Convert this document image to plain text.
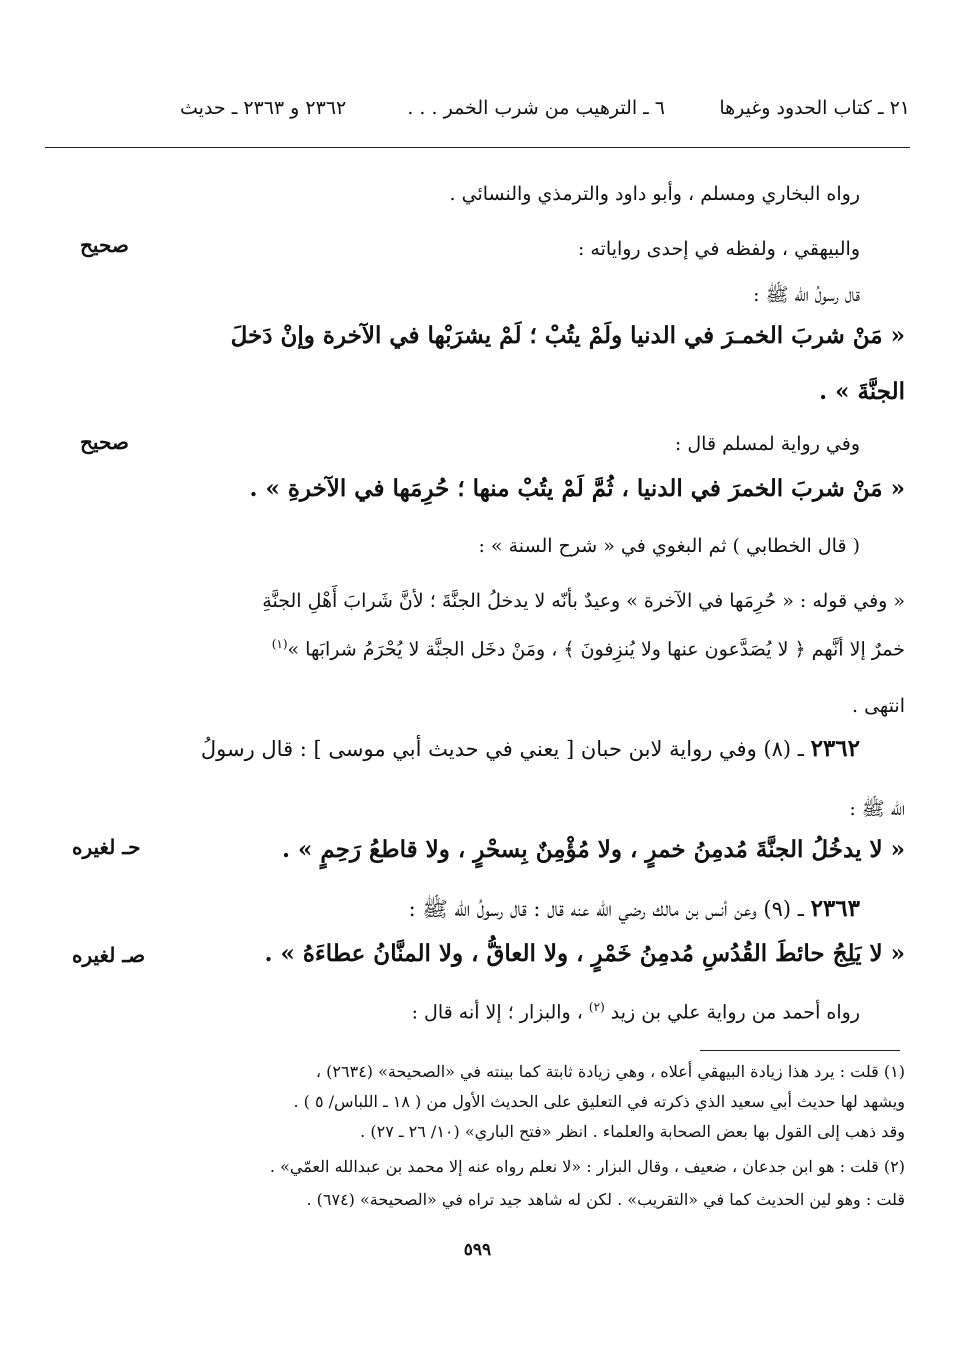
٢١ ـ كتاب الحدود وغيرها
٦ ـ الترهيب من شرب الخمر . . .
٢٣٦٢ و ٢٣٦٣ ـ حديث
رواه البخاري ومسلم ، وأبو داود والترمذي والنسائي .
والبيهقي ، ولفظه في إحدى رواياته :
قال رسولُ الله ﷺ :
« مَنْ شربَ الخمـرَ في الدنيا ولَمْ يتُبْ ؛ لَمْ يشرَبْها في الآخرة وإنْ دَخلَ
الجنَّةَ » .
وفي رواية لمسلم قال :
« مَنْ شربَ الخمرَ في الدنيا ، ثُمَّ لَمْ يتُبْ منها ؛ حُرِمَها في الآخرةِ » .
( قال الخطابي ) ثم البغوي في « شرح السنة » :
« وفي قوله : « حُرِمَها في الآخرة » وعيدٌ بأنّه لا يدخلُ الجنَّةَ ؛ لأنَّ شَرابَ أَهْلِ الجنَّةِ
خمرٌ إلا أنَّهم ﴿ لا يُصَدَّعون عنها ولا يُنزِفونَ ﴾ ، ومَنْ دخَل الجنَّة لا يُحْرَمُ شرابَها »$^{(١)}$
انتهى .
٢٣٦٢ ـ (٨) وفي رواية لابن حبان [ يعني في حديث أبي موسى ] : قال رسولُ
الله ﷺ :
« لا يدخُلُ الجنَّةَ مُدمِنُ خمرٍ ، ولا مُؤْمِنٌ بِسحْرٍ ، ولا قاطعُ رَحِمٍ » .
٢٣٦٣ ـ (٩) وعن أنس بن مالك رضي الله عنه قال : قال رسولُ الله ﷺ :
« لا يَلِجُ حائطَ القُدُسِ مُدمِنُ خَمْرٍ ، ولا العاقُّ ، ولا المنَّانُ عطاءَهُ » .
رواه أحمد من رواية علي بن زيد $^{(٢)}$ ، والبزار ؛ إلا أنه قال :
صحيح
صحيح
حـ لغيره
صـ لغيره
(١) قلت : يرد هذا زيادة البيهقي أعلاه ، وهي زيادة ثابتة كما بينته في «الصحيحة» (٢٦٣٤) ،
ويشهد لها حديث أبي سعيد الذي ذكرته في التعليق على الحديث الأول من ( ١٨ ـ اللباس/ ٥ ) .
وقد ذهب إلى القول بها بعض الصحابة والعلماء . انظر «فتح الباري» (١٠/ ٢٦ ـ ٢٧) .
(٢) قلت : هو ابن جدعان ، ضعيف ، وقال البزار : «لا نعلم رواه عنه إلا محمد بن عبدالله العمّي» .
قلت : وهو لين الحديث كما في «التقريب» . لكن له شاهد جيد تراه في «الصحيحة» (٦٧٤) .
٥٩٩
